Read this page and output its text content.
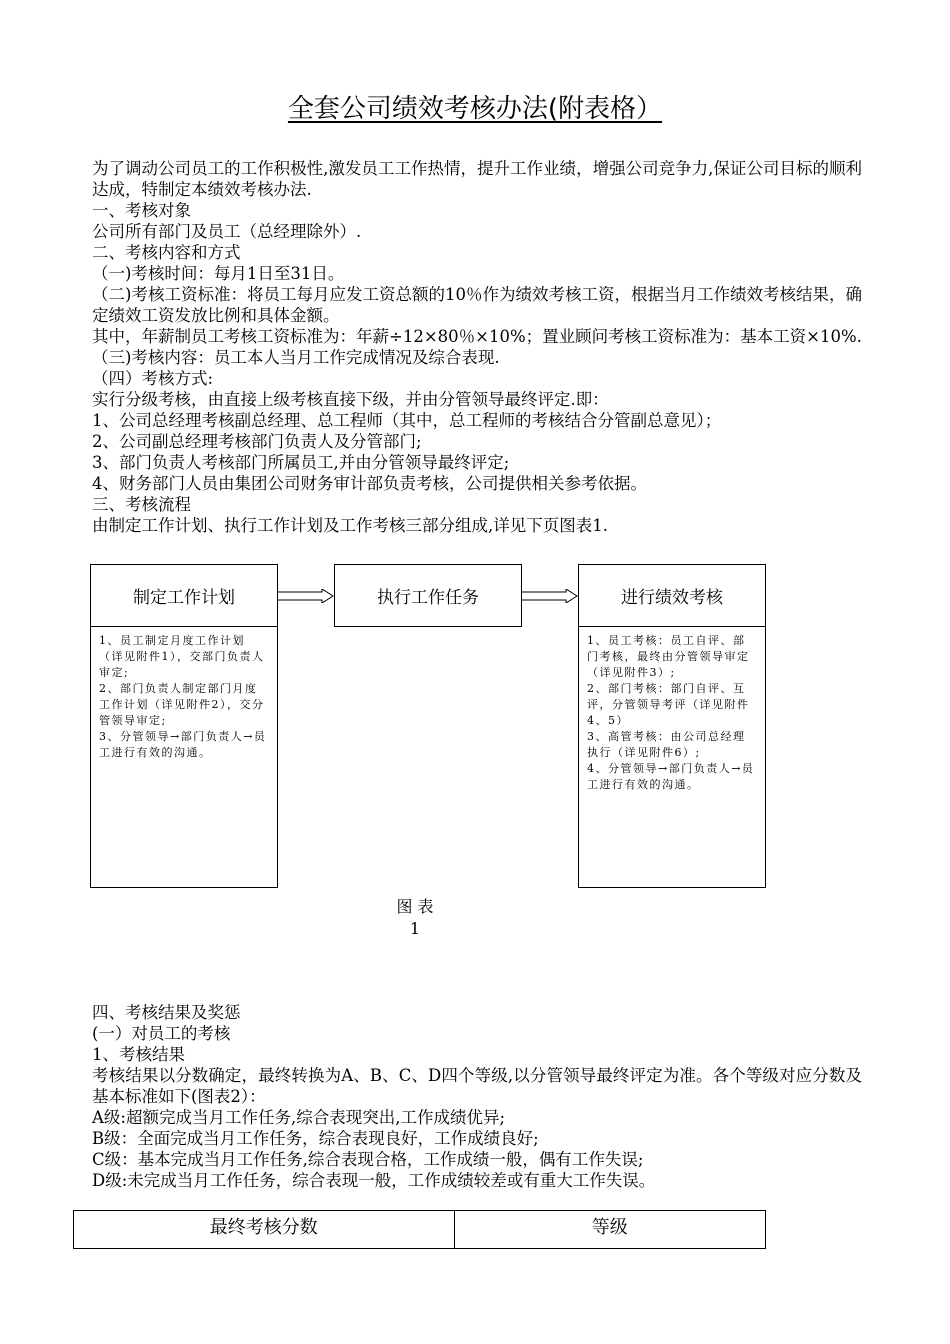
全套公司绩效考核办法(附表格）

为了调动公司员工的工作积极性,激发员工工作热情，提升工作业绩，增强公司竞争力,保证公司目标的顺利达成，特制定本绩效考核办法.

一、考核对象

公司所有部门及员工（总经理除外）.

二、考核内容和方式

（一)考核时间：每月1日至31日。

（二)考核工资标准：将员工每月应发工资总额的10％作为绩效考核工资，根据当月工作绩效考核结果，确定绩效工资发放比例和具体金额。

其中，年薪制员工考核工资标准为：年薪÷12×80％×10%；置业顾问考核工资标准为：基本工资×10%.

（三)考核内容：员工本人当月工作完成情况及综合表现.

（四）考核方式:

实行分级考核，由直接上级考核直接下级，并由分管领导最终评定.即：

1、公司总经理考核副总经理、总工程师（其中，总工程师的考核结合分管副总意见）；

2、公司副总经理考核部门负责人及分管部门;

3、部门负责人考核部门所属员工,并由分管领导最终评定;

4、财务部门人员由集团公司财务审计部负责考核，公司提供相关参考依据。

三、考核流程

由制定工作计划、执行工作计划及工作考核三部分组成,详见下页图表1.

制定工作计划	执行工作任务	进行绩效考核

1、员工制定月度工作计划（详见附件1），交部门负责人审定;

2、部门负责人制定部门月度工作计划（详见附件2），交分管领导审定;

3、分管领导→部门负责人→员工进行有效的沟通。

1、员工考核：员工自评、部门考核，最终由分管领导审定（详见附件3）;

2、部门考核：部门自评、互评，分管领导考评（详见附件4、5）

3、高管考核：由公司总经理执行（详见附件6）;

4、分管领导→部门负责人→员工进行有效的沟通。

图 表
1

四、考核结果及奖惩

(一）对员工的考核

1、考核结果

考核结果以分数确定，最终转换为A、B、C、D四个等级,以分管领导最终评定为准。各个等级对应分数及基本标准如下(图表2）：

A级:超额完成当月工作任务,综合表现突出,工作成绩优异;

B级：全面完成当月工作任务，综合表现良好，工作成绩良好;

C级：基本完成当月工作任务,综合表现合格，工作成绩一般，偶有工作失误;

D级:未完成当月工作任务，综合表现一般，工作成绩较差或有重大工作失误。

最终考核分数	等级
